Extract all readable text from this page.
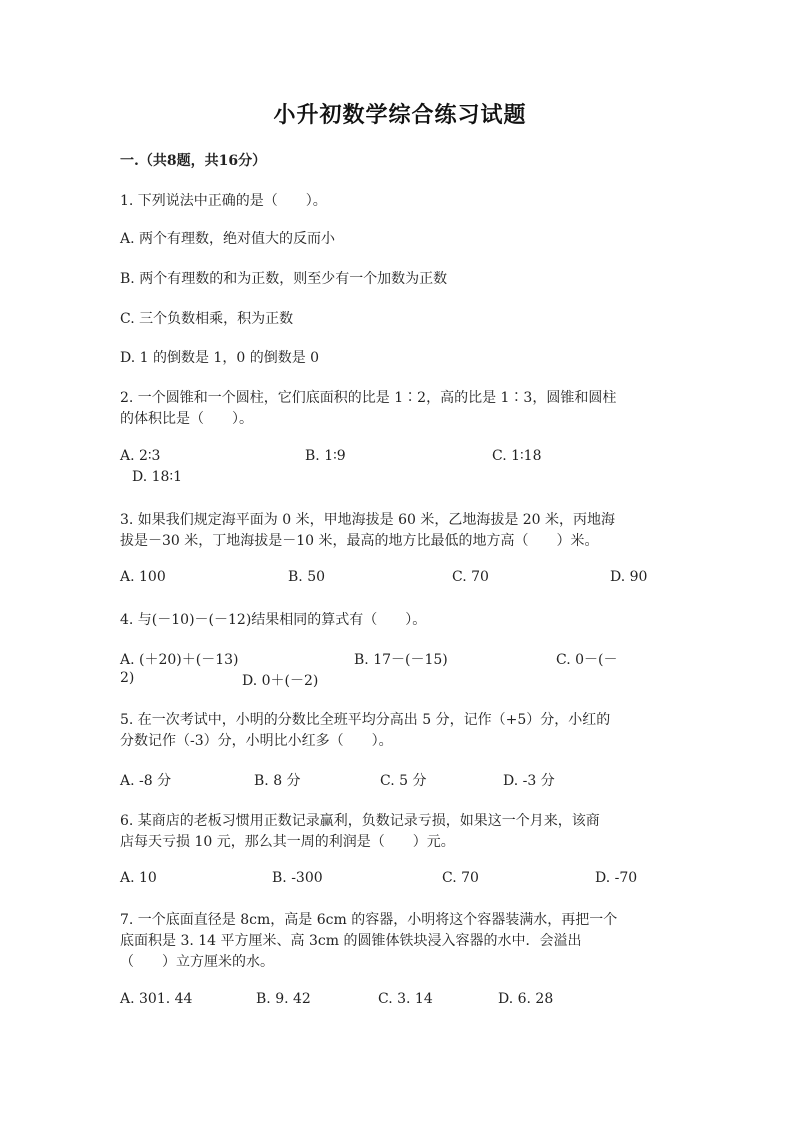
小升初数学综合练习试题
一.（共8题，共16分）
1. 下列说法中正确的是（　　）。
A. 两个有理数，绝对值大的反而小
B. 两个有理数的和为正数，则至少有一个加数为正数
C. 三个负数相乘，积为正数
D. 1 的倒数是 1，0 的倒数是 0
2. 一个圆锥和一个圆柱，它们底面积的比是 1∶2，高的比是 1∶3，圆锥和圆柱
的体积比是（　　）。
A. 2∶3	B. 1∶9	C. 1∶18
D. 18∶1
3. 如果我们规定海平面为 0 米，甲地海拔是 60 米，乙地海拔是 20 米，丙地海
拔是－30 米，丁地海拔是－10 米，最高的地方比最低的地方高（　　）米。
A. 100	B. 50	C. 70	D. 90
4. 与(－10)－(－12)结果相同的算式有（　　）。
A. (＋20)＋(－13)	B. 17－(－15)	C. 0－(－
2)	D. 0＋(－2)
5. 在一次考试中，小明的分数比全班平均分高出 5 分，记作（+5）分，小红的
分数记作（-3）分，小明比小红多（　　）。
A. -8 分	B. 8 分	C. 5 分	D. -3 分
6. 某商店的老板习惯用正数记录赢利，负数记录亏损，如果这一个月来，该商
店每天亏损 10 元，那么其一周的利润是（　　）元。
A. 10	B. -300	C. 70	D. -70
7. 一个底面直径是 8cm，高是 6cm 的容器，小明将这个容器装满水，再把一个
底面积是 3. 14 平方厘米、高 3cm 的圆锥体铁块浸入容器的水中．会溢出
（　　）立方厘米的水。
A. 301. 44	B. 9. 42	C. 3. 14	D. 6. 28
